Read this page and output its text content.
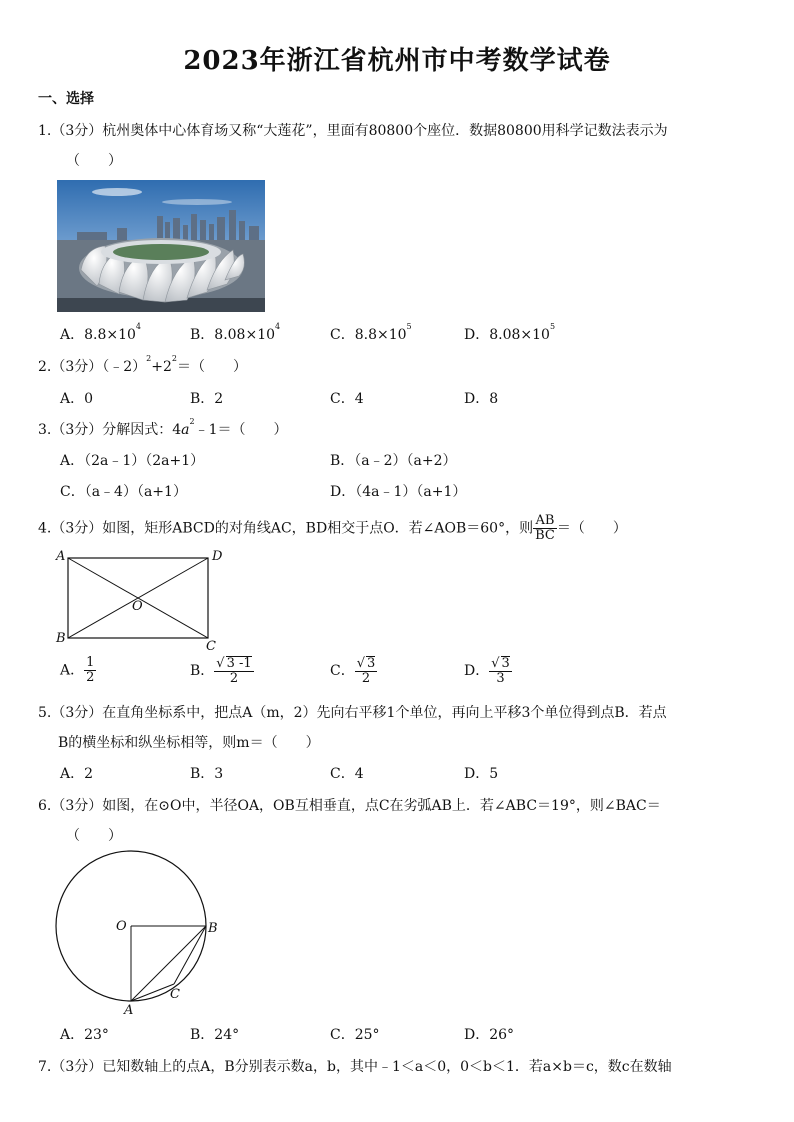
2023年浙江省杭州市中考数学试卷
一、选择
1.（3分）杭州奥体中心体育场又称“大莲花”，里面有80800个座位．数据80800用科学记数法表示为
（　　）
A．$8.8\times 10^4$
B．$8.08\times 10^4$
C．$8.8\times 10^5$
D．$8.08\times 10^5$
2.（3分）$(﹣2)^2+2^2=$（　　）
A．0	B．2	C．4	D．8
3.（3分）分解因式：$4a^2﹣1=$（　　）
A．（2a﹣1）（2a+1）	B．（a﹣2）（a+2）
C．（a﹣4）（a+1）	D．（4a﹣1）（a+1）
4.（3分）如图，矩形ABCD的对角线AC，BD相交于点O．若∠AOB＝60°，则 $\frac{AB}{BC}$ ＝（　　）
A	D
O
B
C
A． $\frac{1}{2}$	B． $\frac{√ 3 -1}{2}$	C． $\frac{√ 3}{2}$	D． $\frac{√ 3}{3}$
5.（3分）在直角坐标系中，把点A（m，2）先向右平移1个单位，再向上平移3个单位得到点B．若点
B的横坐标和纵坐标相等，则m＝（　　）
A．2	B．3	C．4	D．5
6.（3分）如图，在⊙O中，半径OA，OB互相垂直，点C在劣弧AB上．若∠ABC＝19°，则∠BAC＝
（　　）
O	B
A
C
A．23°	B．24°	C．25°	D．26°
7.（3分）已知数轴上的点A，B分别表示数a，b，其中﹣1＜a＜0，0＜b＜1．若a×b＝c，数c在数轴
